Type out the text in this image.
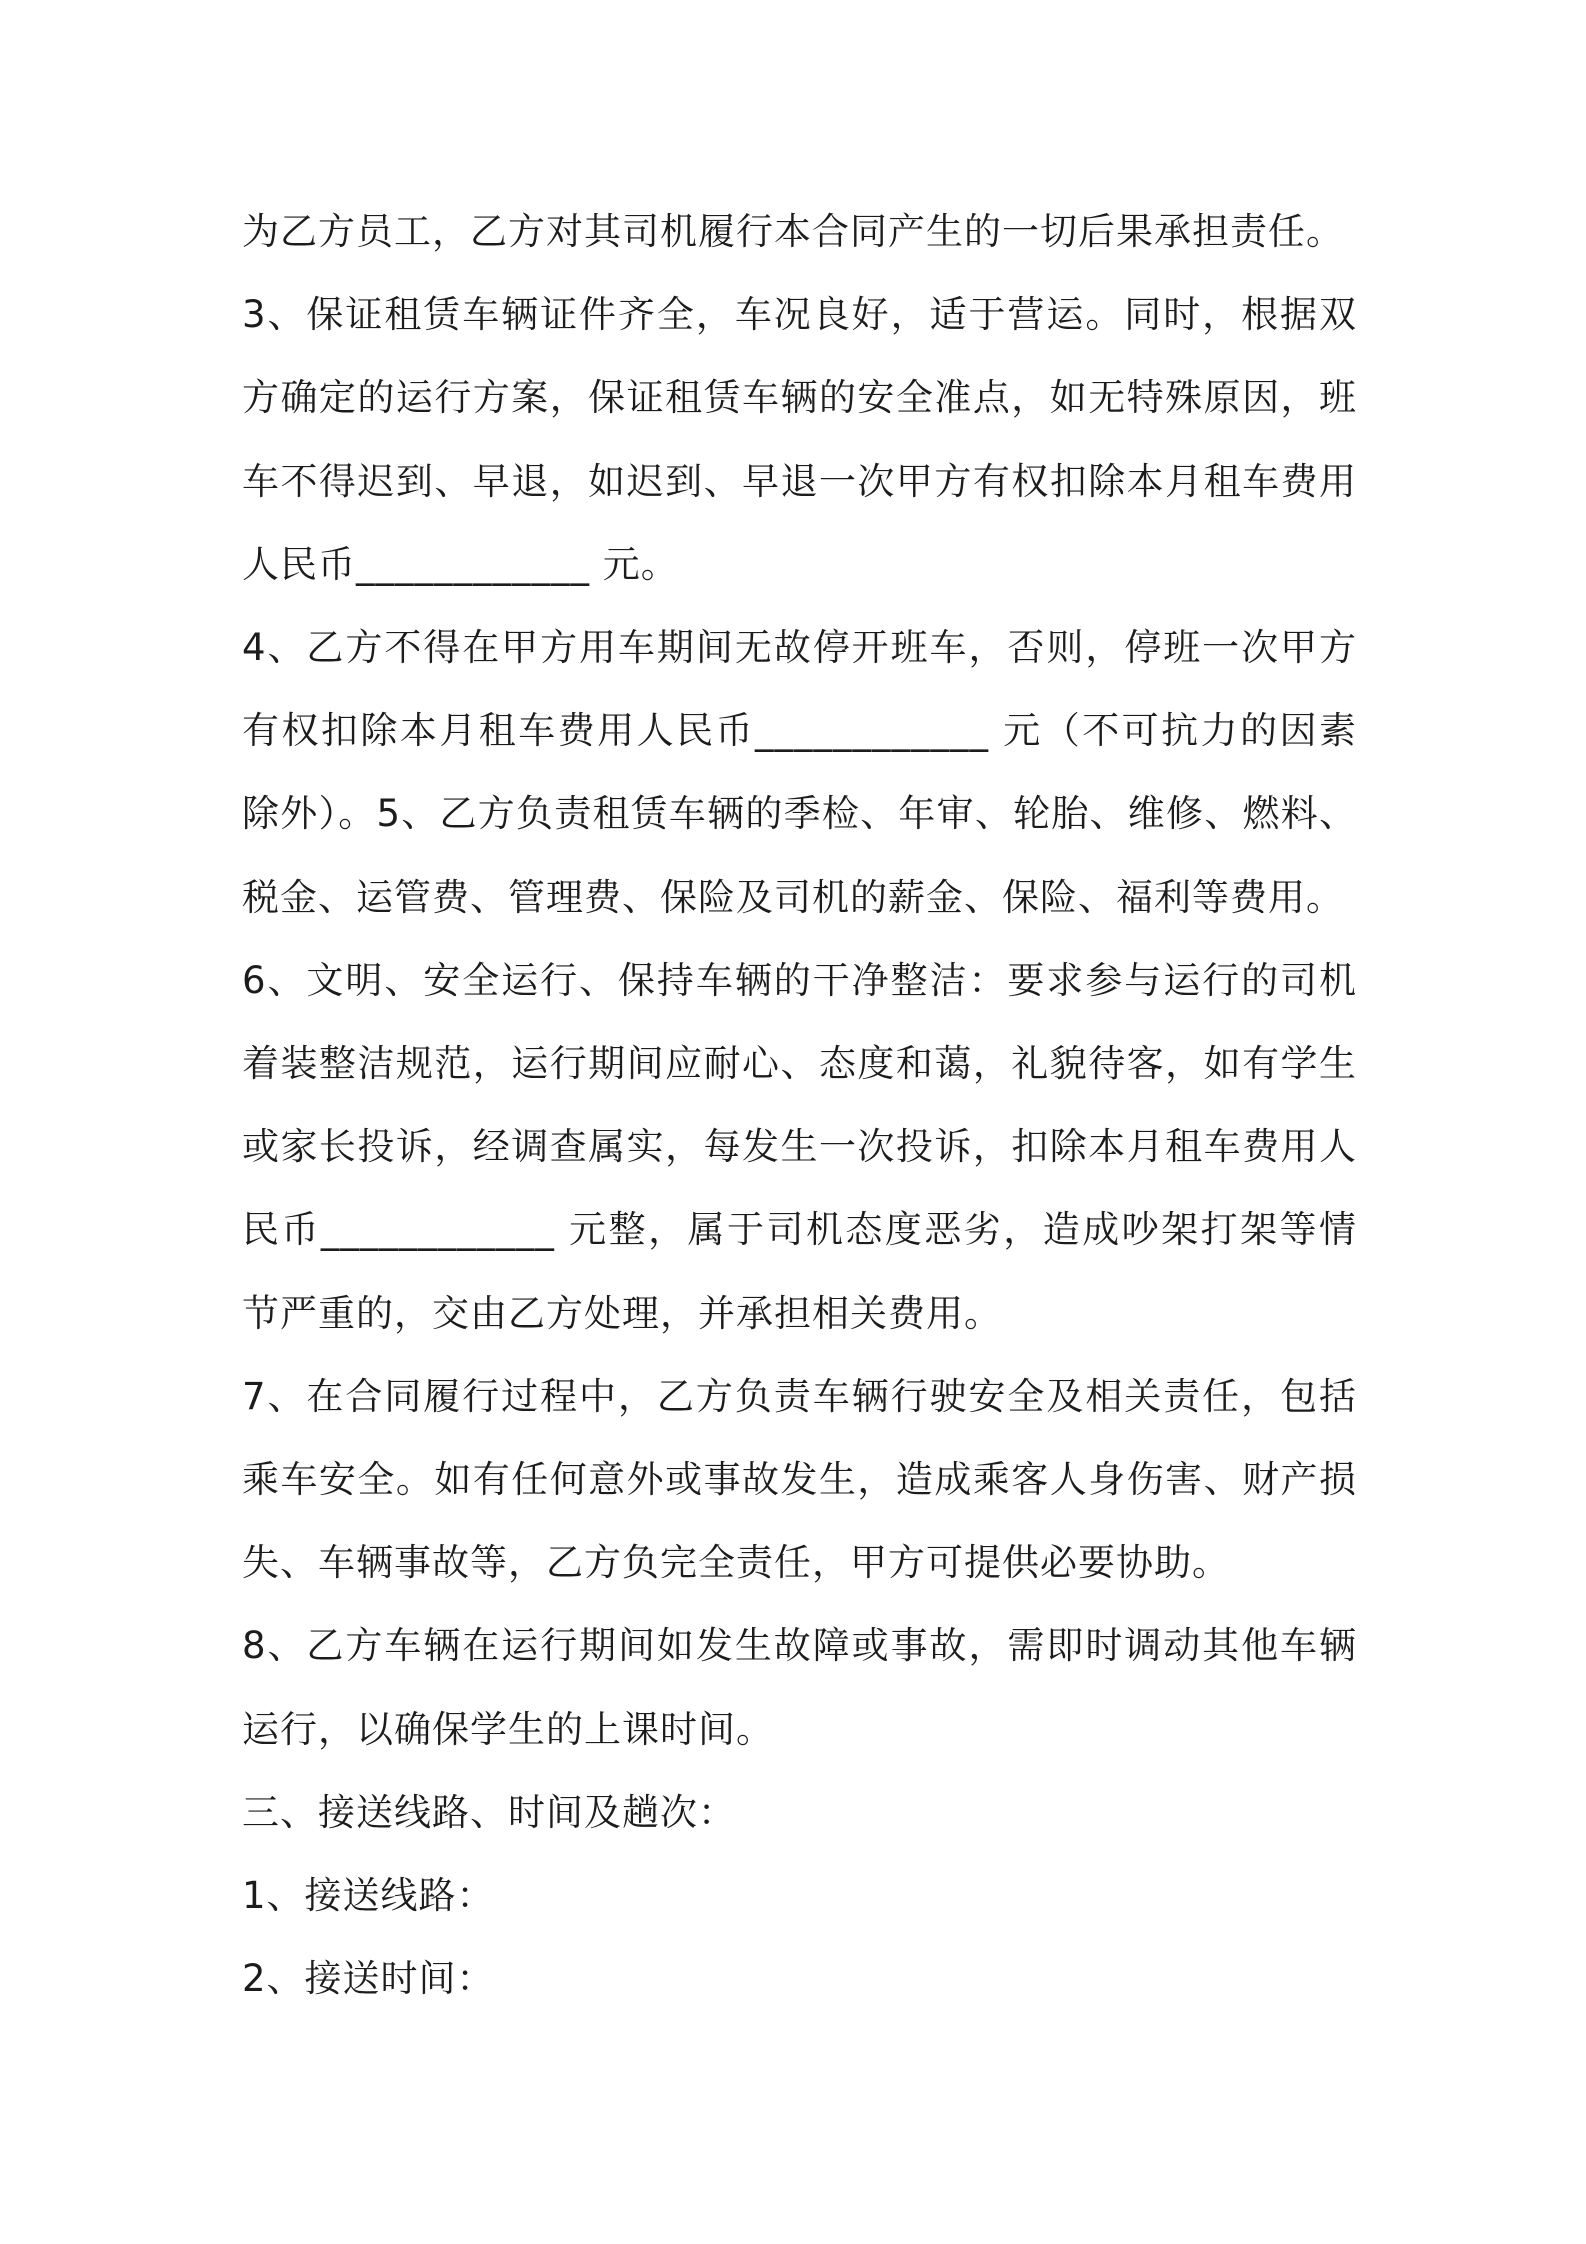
为乙方员工，乙方对其司机履行本合同产生的一切后果承担责任。

3、保证租赁车辆证件齐全，车况良好，适于营运。同时，根据双方确定的运行方案，保证租赁车辆的安全准点，如无特殊原因，班车不得迟到、早退，如迟到、早退一次甲方有权扣除本月租车费用人民币____________ 元。

4、乙方不得在甲方用车期间无故停开班车，否则，停班一次甲方有权扣除本月租车费用人民币____________ 元（不可抗力的因素除外）。5、乙方负责租赁车辆的季检、年审、轮胎、维修、燃料、税金、运管费、管理费、保险及司机的薪金、保险、福利等费用。

6、文明、安全运行、保持车辆的干净整洁：要求参与运行的司机着装整洁规范，运行期间应耐心、态度和蔼，礼貌待客，如有学生或家长投诉，经调查属实，每发生一次投诉，扣除本月租车费用人民币____________ 元整，属于司机态度恶劣，造成吵架打架等情节严重的，交由乙方处理，并承担相关费用。

7、在合同履行过程中，乙方负责车辆行驶安全及相关责任，包括乘车安全。如有任何意外或事故发生，造成乘客人身伤害、财产损失、车辆事故等，乙方负完全责任，甲方可提供必要协助。

8、乙方车辆在运行期间如发生故障或事故，需即时调动其他车辆运行，以确保学生的上课时间。

三、接送线路、时间及趟次：

1、接送线路：

2、接送时间：
